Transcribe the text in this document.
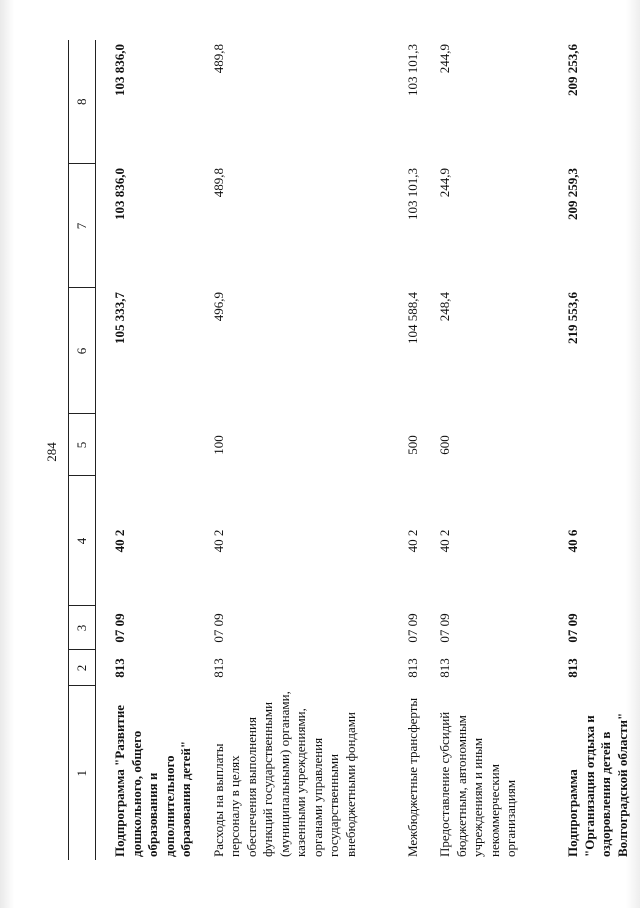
284
1	2	3	4	5	6	7	8
Подпрограмма "Развитие дошкольного, общего образования и дополнительного образования детей"	813	07 09	40 2		105 333,7	103 836,0	103 836,0
Расходы на выплаты персоналу в целях обеспечения выполнения функций государственными (муниципальными) органами, казенными учреждениями, органами управления государственными внебюджетными фондами	813	07 09	40 2	100	496,9	489,8	489,8
Межбюджетные трансферты	813	07 09	40 2	500	104 588,4	103 101,3	103 101,3
Предоставление субсидий бюджетным, автономным учреждениям и иным некоммерческим организациям	813	07 09	40 2	600	248,4	244,9	244,9
Подпрограмма "Организация отдыха и оздоровления детей в Волгоградской области"	813	07 09	40 6		219 553,6	209 259,3	209 253,6
